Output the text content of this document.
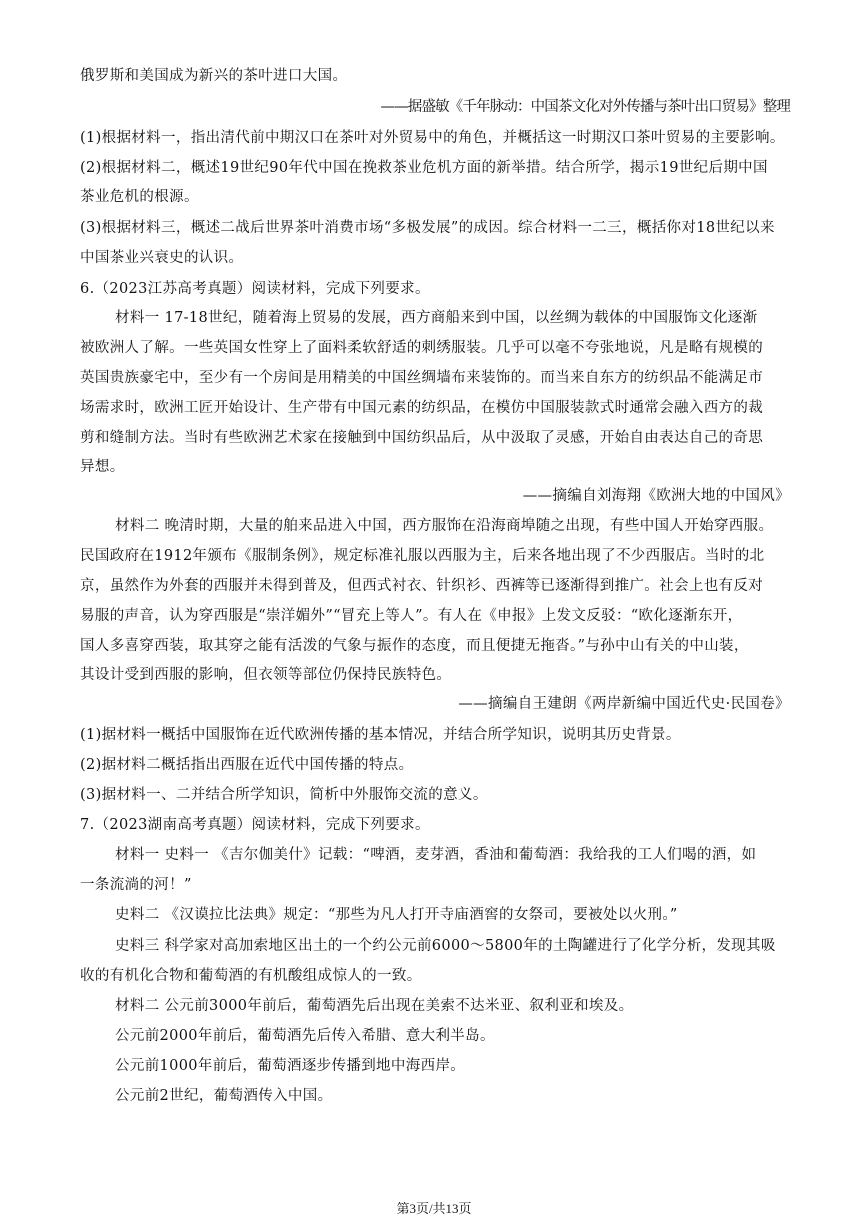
俄罗斯和美国成为新兴的茶叶进口大国。
——据盛敏《千年脉动：中国茶文化对外传播与茶叶出口贸易》整理
(1)根据材料一，指出清代前中期汉口在茶叶对外贸易中的角色，并概括这一时期汉口茶叶贸易的主要影响。
(2)根据材料二，概述19世纪90年代中国在挽救茶业危机方面的新举措。结合所学，揭示19世纪后期中国
茶业危机的根源。
(3)根据材料三，概述二战后世界茶叶消费市场“多极发展”的成因。综合材料一二三，概括你对18世纪以来
中国茶业兴衰史的认识。
6.（2023江苏高考真题）阅读材料，完成下列要求。
材料一 17-18世纪，随着海上贸易的发展，西方商船来到中国，以丝绸为载体的中国服饰文化逐渐
被欧洲人了解。一些英国女性穿上了面料柔软舒适的刺绣服装。几乎可以毫不夸张地说，凡是略有规模的
英国贵族豪宅中，至少有一个房间是用精美的中国丝绸墙布来装饰的。而当来自东方的纺织品不能满足市
场需求时，欧洲工匠开始设计、生产带有中国元素的纺织品，在模仿中国服装款式时通常会融入西方的裁
剪和缝制方法。当时有些欧洲艺术家在接触到中国纺织品后，从中汲取了灵感，开始自由表达自己的奇思
异想。
——摘编自刘海翔《欧洲大地的中国风》
材料二 晚清时期，大量的舶来品进入中国，西方服饰在沿海商埠随之出现，有些中国人开始穿西服。
民国政府在1912年颁布《服制条例》，规定标准礼服以西服为主，后来各地出现了不少西服店。当时的北
京，虽然作为外套的西服并未得到普及，但西式衬衣、针织衫、西裤等已逐渐得到推广。社会上也有反对
易服的声音，认为穿西服是“崇洋媚外”“冒充上等人”。有人在《申报》上发文反驳：“欧化逐渐东开，
国人多喜穿西装，取其穿之能有活泼的气象与振作的态度，而且便捷无拖沓。”与孙中山有关的中山装，
其设计受到西服的影响，但衣领等部位仍保持民族特色。
——摘编自王建朗《两岸新编中国近代史·民国卷》
(1)据材料一概括中国服饰在近代欧洲传播的基本情况，并结合所学知识，说明其历史背景。
(2)据材料二概括指出西服在近代中国传播的特点。
(3)据材料一、二并结合所学知识，简析中外服饰交流的意义。
7.（2023湖南高考真题）阅读材料，完成下列要求。
材料一 史料一 《吉尔伽美什》记载：“啤酒，麦芽酒，香油和葡萄酒：我给我的工人们喝的酒，如
一条流淌的河！”
史料二 《汉谟拉比法典》规定：“那些为凡人打开寺庙酒窖的女祭司，要被处以火刑。”
史料三 科学家对高加索地区出土的一个约公元前6000～5800年的土陶罐进行了化学分析，发现其吸
收的有机化合物和葡萄酒的有机酸组成惊人的一致。
材料二 公元前3000年前后，葡萄酒先后出现在美索不达米亚、叙利亚和埃及。
公元前2000年前后，葡萄酒先后传入希腊、意大利半岛。
公元前1000年前后，葡萄酒逐步传播到地中海西岸。
公元前2世纪，葡萄酒传入中国。
第3页/共13页
